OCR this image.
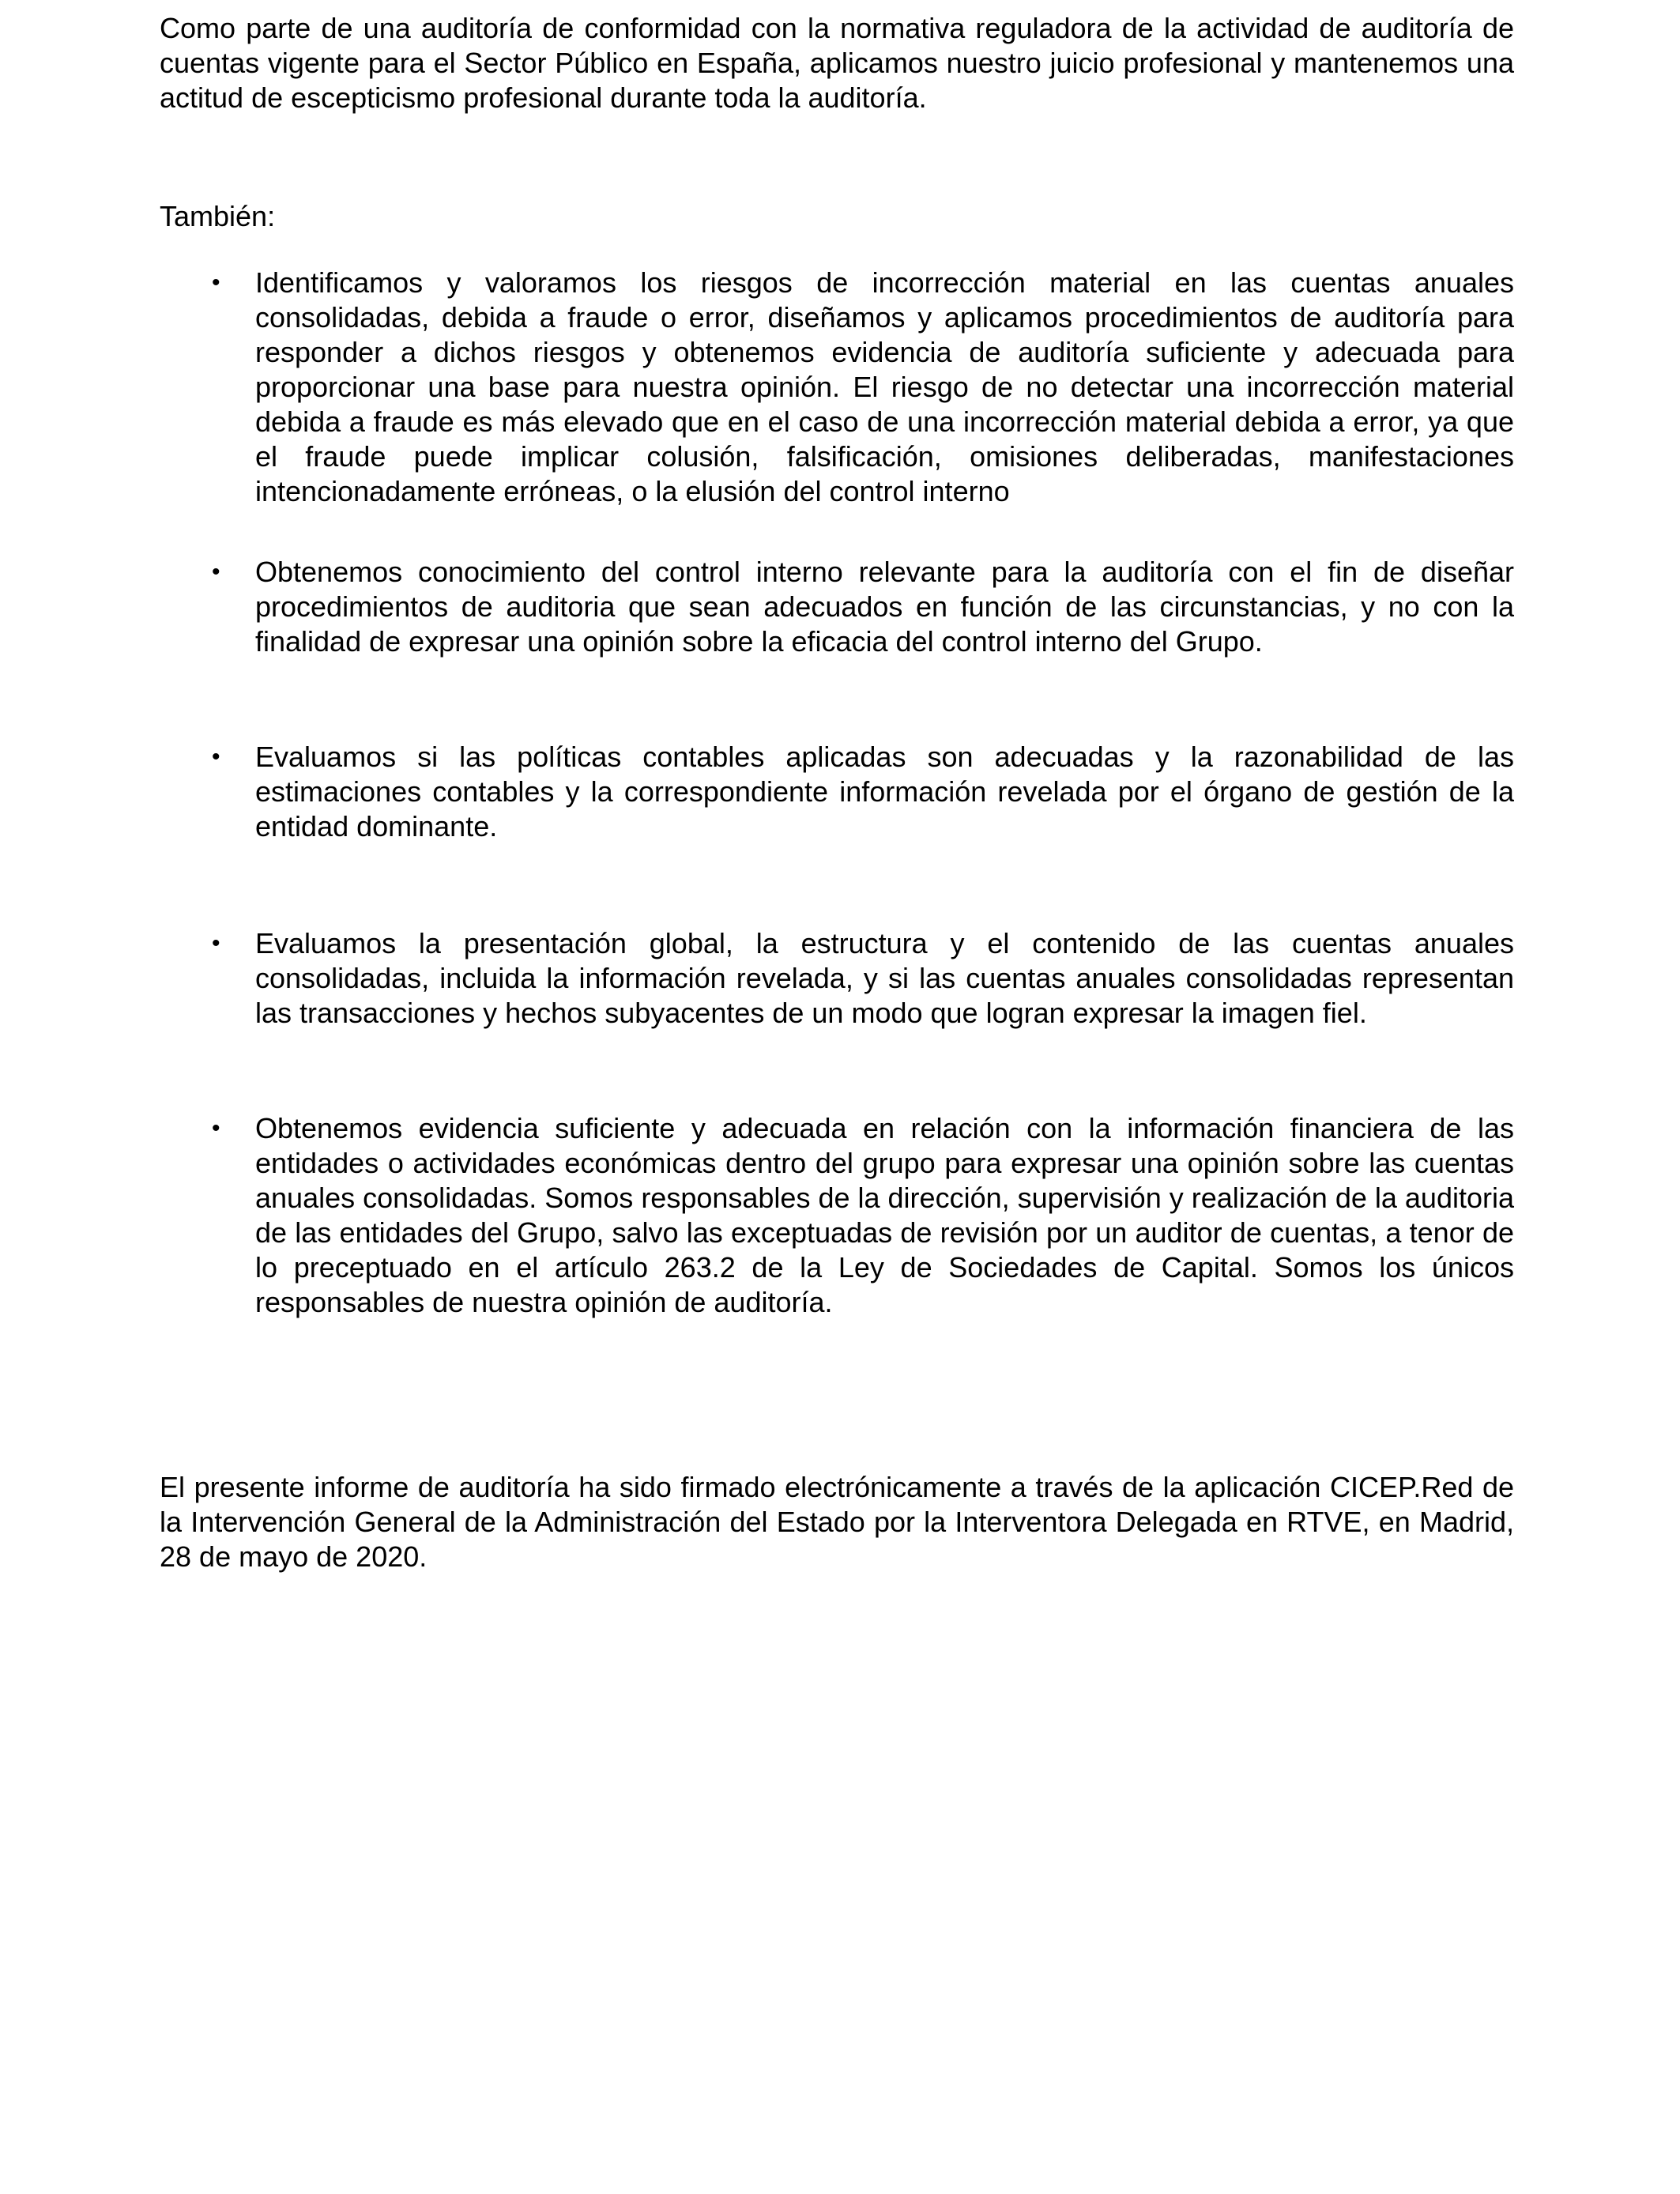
Como parte de una auditoría de conformidad con la normativa reguladora de la actividad de auditoría de cuentas vigente para el Sector Público en España, aplicamos nuestro juicio profesional y mantenemos una actitud de escepticismo profesional durante toda la auditoría.

También:

• Identificamos y valoramos los riesgos de incorrección material en las cuentas anuales consolidadas, debida a fraude o error, diseñamos y aplicamos procedimientos de auditoría para responder a dichos riesgos y obtenemos evidencia de auditoría suficiente y adecuada para proporcionar una base para nuestra opinión. El riesgo de no detectar una incorrección material debida a fraude es más elevado que en el caso de una incorrección material debida a error, ya que el fraude puede implicar colusión, falsificación, omisiones deliberadas, manifestaciones intencionadamente erróneas, o la elusión del control interno
• Obtenemos conocimiento del control interno relevante para la auditoría con el fin de diseñar procedimientos de auditoria que sean adecuados en función de las circunstancias, y no con la finalidad de expresar una opinión sobre la eficacia del control interno del Grupo.
• Evaluamos si las políticas contables aplicadas son adecuadas y la razonabilidad de las estimaciones contables y la correspondiente información revelada por el órgano de gestión de la entidad dominante.
• Evaluamos la presentación global, la estructura y el contenido de las cuentas anuales consolidadas, incluida la información revelada, y si las cuentas anuales consolidadas representan las transacciones y hechos subyacentes de un modo que logran expresar la imagen fiel.
• Obtenemos evidencia suficiente y adecuada en relación con la información financiera de las entidades o actividades económicas dentro del grupo para expresar una opinión sobre las cuentas anuales consolidadas. Somos responsables de la dirección, supervisión y realización de la auditoria de las entidades del Grupo, salvo las exceptuadas de revisión por un auditor de cuentas, a tenor de lo preceptuado en el artículo 263.2 de la Ley de Sociedades de Capital. Somos los únicos responsables de nuestra opinión de auditoría.

El presente informe de auditoría ha sido firmado electrónicamente a través de la aplicación CICEP.Red de la Intervención General de la Administración del Estado por la Interventora Delegada en RTVE, en Madrid, 28 de mayo de 2020.
